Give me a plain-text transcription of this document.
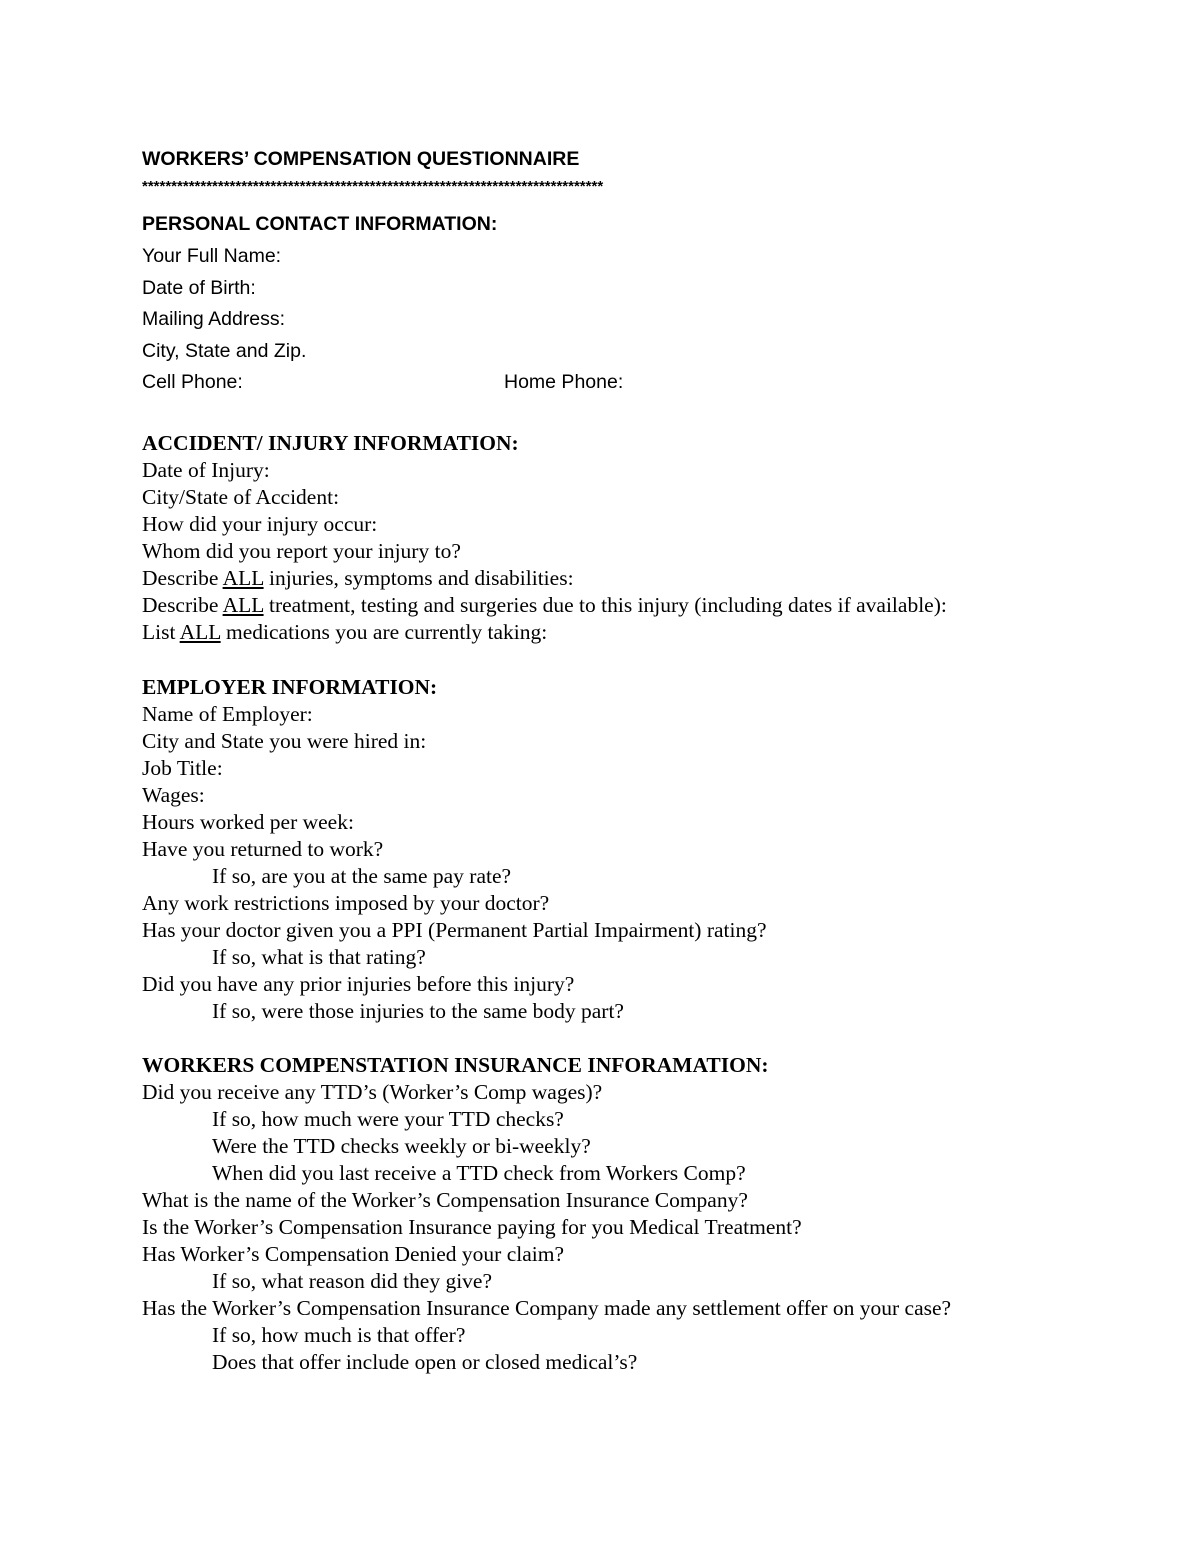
WORKERS’ COMPENSATION QUESTIONNAIRE
*******************************************************************************
PERSONAL CONTACT INFORMATION:
Your Full Name:
Date of Birth:
Mailing Address:
City, State and Zip.
Cell Phone:	Home Phone:
ACCIDENT/ INJURY INFORMATION:
Date of Injury:
City/State of Accident:
How did your injury occur:
Whom did you report your injury to?
Describe ALL injuries, symptoms and disabilities:
Describe ALL treatment, testing and surgeries due to this injury (including dates if available):
List ALL medications you are currently taking:
EMPLOYER INFORMATION:
Name of Employer:
City and State you were hired in:
Job Title:
Wages:
Hours worked per week:
Have you returned to work?
If so, are you at the same pay rate?
Any work restrictions imposed by your doctor?
Has your doctor given you a PPI (Permanent Partial Impairment) rating?
If so, what is that rating?
Did you have any prior injuries before this injury?
If so, were those injuries to the same body part?
WORKERS COMPENSTATION INSURANCE INFORAMATION:
Did you receive any TTD’s (Worker’s Comp wages)?
If so, how much were your TTD checks?
Were the TTD checks weekly or bi-weekly?
When did you last receive a TTD check from Workers Comp?
What is the name of the Worker’s Compensation Insurance Company?
Is the Worker’s Compensation Insurance paying for you Medical Treatment?
Has Worker’s Compensation Denied your claim?
If so, what reason did they give?
Has the Worker’s Compensation Insurance Company made any settlement offer on your case?
If so, how much is that offer?
Does that offer include open or closed medical’s?
